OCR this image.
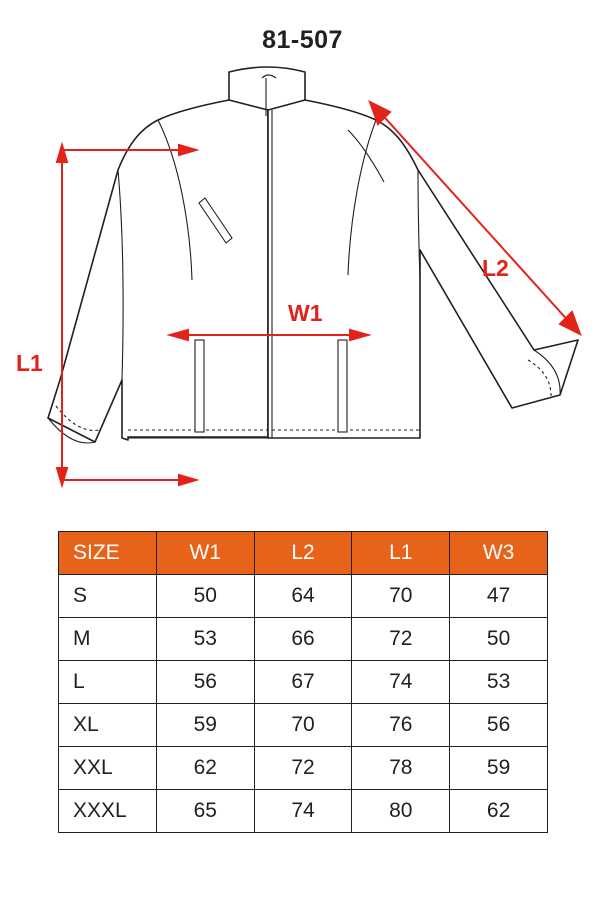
81-507
L1
L2
W1
SIZE	W1	L2	L1	W3
S	50	64	70	47
M	53	66	72	50
L	56	67	74	53
XL	59	70	76	56
XXL	62	72	78	59
XXXL	65	74	80	62
